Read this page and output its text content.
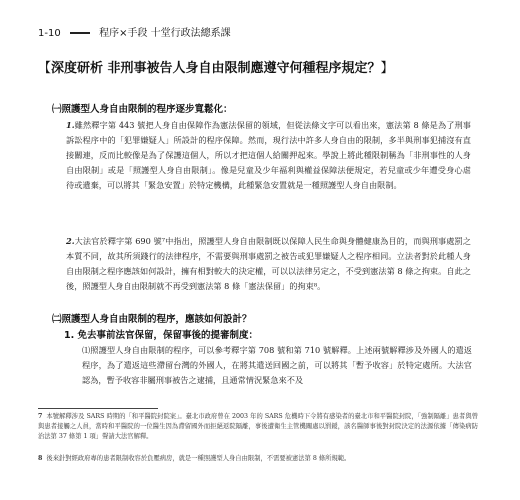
1-10	程序×手段 十堂行政法總系課
【深度研析 非刑事被告人身自由限制應遵守何種程序規定？】
㈠照護型人身自由限制的程序逐步寬鬆化：

1.雖然釋字第 443 號把人身自由保障作為憲法保留的領域，但從法條文字可以看出來，憲法第 8 條是為了刑事訴訟程序中的「犯罪嫌疑人」所設計的程序保障。然而，現行法中許多人身自由的限制，多半與刑事犯捕沒有直接關連，反而比較像是為了保護這個人，所以才把這個人給關押起來。學說上將此種限制稱為「非刑事性的人身自由限制」或是「照護型人身自由限制」。像是兒童及少年福利與權益保障法便規定，若兒童或少年遭受身心虐待或遺棄，可以將其「緊急安置」於特定機構，此種緊急安置就是一種照護型人身自由限制。

2.大法官於釋字第 690 號⁷中指出，照護型人身自由限制既以保障人民生命與身體健康為目的，而與刑事處罰之本質不同，故其所須踐行的法律程序，不需要與刑事處罰之被告或犯罪嫌疑人之程序相同。立法者對於此種人身自由限制之程序應該如何設計，擁有相對較大的決定權，可以以法律另定之，不受到憲法第 8 條之拘束。自此之後，照護型人身自由限制就不再受到憲法第 8 條「憲法保留」的拘束⁸。

㈡照護型人身自由限制的程序，應該如何設計？
1. 免去事前法官保留，保留事後的提審制度：

⑴照護型人身自由限制的程序，可以參考釋字第 708 號和第 710 號解釋。上述兩號解釋涉及外國人的遣返程序，為了遣返這些滯留台灣的外國人，在將其遣送回國之前，可以將其「暫予收容」於特定處所。大法官認為，暫予收容非屬刑事被告之逮捕，且通常情況緊急來不及

7 本號解釋涉及 SARS 時期的「和平醫院封院案」。臺北市政府曾在 2003 年的 SARS 危機時下令將有感染者的臺北市和平醫院封院，「強制隔離」患者與曾與患者接觸之人員，當時和平醫院的一位醫生因為滯留國外而拒絕返院隔離，事後遭衛生主管機關處以罰鍰，該名醫師事後對封院決定的法源依據「傳染病防治法第 37 條第 1 項」聲請大法官解釋。

8 後來針對經政府專的患者限制收容於負壓病房，就是一種照護型人身自由限制，不需要被憲法第 8 條所規範。
